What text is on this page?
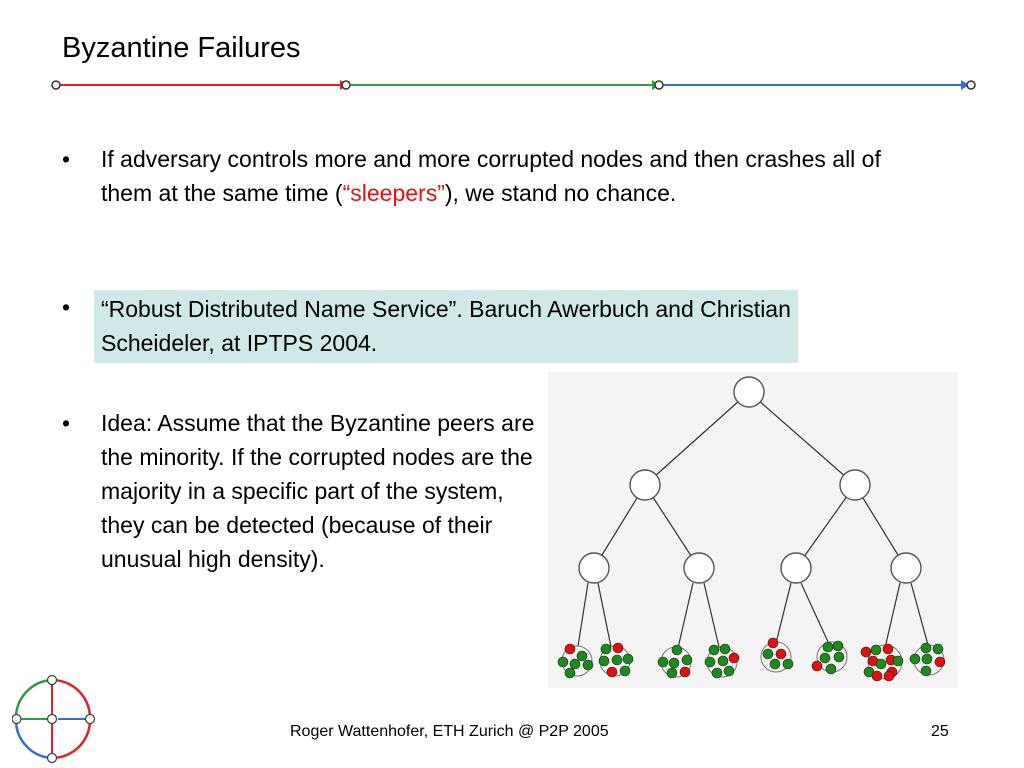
Byzantine Failures
• If adversary controls more and more corrupted nodes and then crashes all of them at the same time (“sleepers”), we stand no chance.
•	“Robust Distributed Name Service”. Baruch Awerbuch and Christian Scheideler, at IPTPS 2004.
• Idea: Assume that the Byzantine peers are the minority. If the corrupted nodes are the majority in a specific part of the system, they can be detected (because of their unusual high density).
Roger Wattenhofer, ETH Zurich @ P2P 2005	25
